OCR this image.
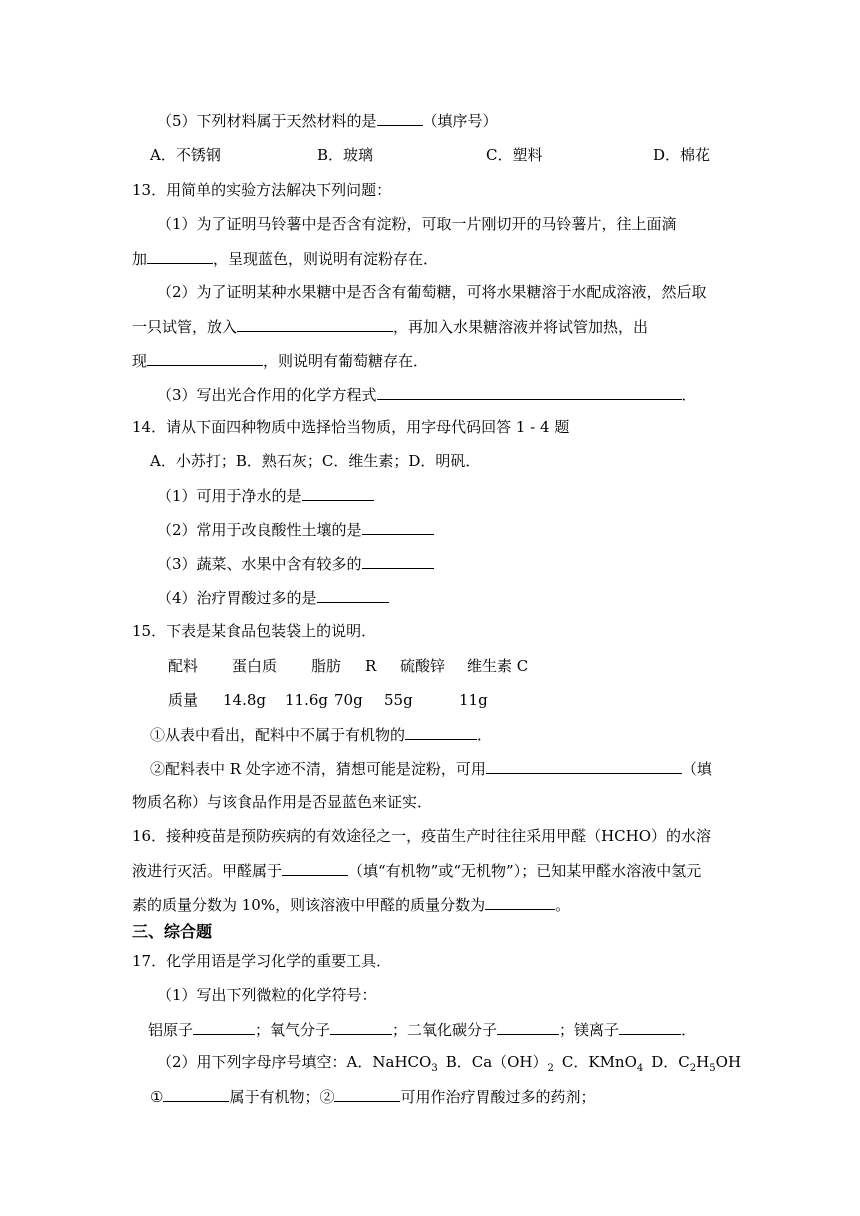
（5）下列材料属于天然材料的是	（填序号）
A．不锈钢	B．玻璃	C．塑料	D．棉花
13．用简单的实验方法解决下列问题：
（1）为了证明马铃薯中是否含有淀粉，可取一片刚切开的马铃薯片，往上面滴
加	，呈现蓝色，则说明有淀粉存在．
（2）为了证明某种水果糖中是否含有葡萄糖，可将水果糖溶于水配成溶液，然后取
一只试管，放入	，再加入水果糖溶液并将试管加热，出
现	，则说明有葡萄糖存在．
（3）写出光合作用的化学方程式	．
14．请从下面四种物质中选择恰当物质，用字母代码回答 1 - 4 题
A．小苏打；B．熟石灰；C．维生素；D．明矾．
（1）可用于净水的是
（2）常用于改良酸性土壤的是
（3）蔬菜、水果中含有较多的
（4）治疗胃酸过多的是
15．下表是某食品包装袋上的说明．
配料 蛋白质 脂肪 R 硫酸锌 维生素 C
质量 14.8g 11.6g 70g 55g	11g
①从表中看出，配料中不属于有机物的	．
②配料表中 R 处字迹不清，猜想可能是淀粉，可用	（填
物质名称）与该食品作用是否显蓝色来证实．
16．接种疫苗是预防疾病的有效途径之一，疫苗生产时往往采用甲醛（HCHO）的水溶
液进行灭活。甲醛属于	（填“有机物”或“无机物”）；已知某甲醛水溶液中氢元
素的质量分数为 10%，则该溶液中甲醛的质量分数为	。
三、综合题
17．化学用语是学习化学的重要工具．
（1）写出下列微粒的化学符号：
铝原子	；氧气分子	；二氧化碳分子	；镁离子	．
（2）用下列字母序号填空：A．NaHCO$_3$ B．$Ca(OH)_2$ C．KMnO$_4$ D．$C_2H_5OH$
①	属于有机物；②	可用作治疗胃酸过多的药剂；
